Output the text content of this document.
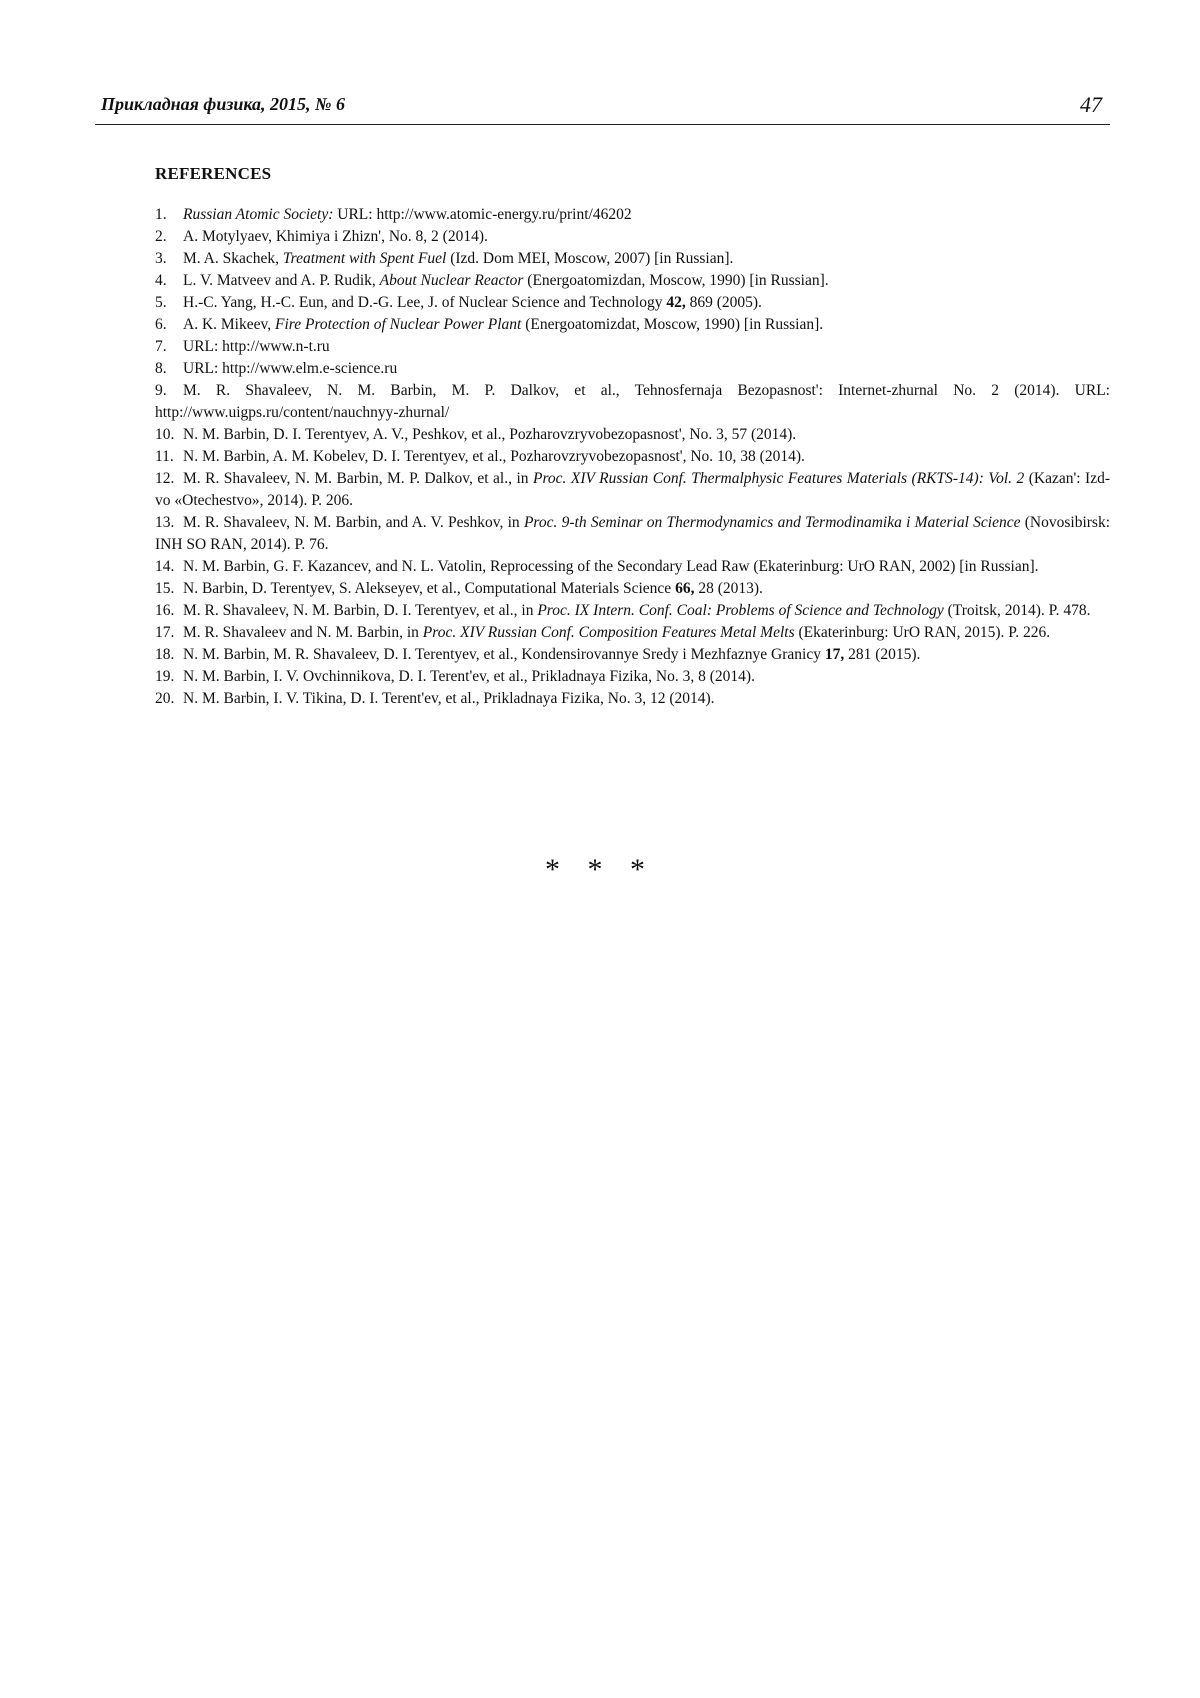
Прикладная физика, 2015, № 6	47
REFERENCES
1.Russian Atomic Society: URL: http://www.atomic-energy.ru/print/46202
2.A. Motylyaev, Khimiya i Zhizn', No. 8, 2 (2014).
3.M. A. Skachek, Treatment with Spent Fuel (Izd. Dom MEI, Moscow, 2007) [in Russian].
4.L. V. Matveev and A. P. Rudik, About Nuclear Reactor (Energoatomizdan, Moscow, 1990) [in Russian].
5.H.-C. Yang, H.-C. Eun, and D.-G. Lee, J. of Nuclear Science and Technology 42, 869 (2005).
6.A. K. Mikeev, Fire Protection of Nuclear Power Plant (Energoatomizdat, Moscow, 1990) [in Russian].
7.URL: http://www.n-t.ru
8.URL: http://www.elm.e-science.ru
9.M. R. Shavaleev, N. M. Barbin, M. P. Dalkov, et al., Tehnosfernaja Bezopasnost': Internet-zhurnal No. 2 (2014). URL: http://www.uigps.ru/content/nauchnyy-zhurnal/
10.N. M. Barbin, D. I. Terentyev, A. V., Peshkov, et al., Pozharovzryvobezopasnost', No. 3, 57 (2014).
11.N. M. Barbin, A. M. Kobelev, D. I. Terentyev, et al., Pozharovzryvobezopasnost', No. 10, 38 (2014).
12.M. R. Shavaleev, N. M. Barbin, M. P. Dalkov, et al., in Proc. XIV Russian Conf. Thermalphysic Features Materials (RKTS-14): Vol. 2 (Kazan': Izd-vo «Otechestvo», 2014). P. 206.
13.M. R. Shavaleev, N. M. Barbin, and A. V. Peshkov, in Proc. 9-th Seminar on Thermodynamics and Termodinamika i Material Science (Novosibirsk: INH SO RAN, 2014). P. 76.
14.N. M. Barbin, G. F. Kazancev, and N. L. Vatolin, Reprocessing of the Secondary Lead Raw (Ekaterinburg: UrO RAN, 2002) [in Russian].
15.N. Barbin, D. Terentyev, S. Alekseyev, et al., Computational Materials Science 66, 28 (2013).
16.M. R. Shavaleev, N. M. Barbin, D. I. Terentyev, et al., in Proc. IX Intern. Conf. Coal: Problems of Science and Technology (Troitsk, 2014). P. 478.
17.M. R. Shavaleev and N. M. Barbin, in Proc. XIV Russian Conf. Composition Features Metal Melts (Ekaterinburg: UrO RAN, 2015). P. 226.
18.N. M. Barbin, M. R. Shavaleev, D. I. Terentyev, et al., Kondensirovannye Sredy i Mezhfaznye Granicy 17, 281 (2015).
19.N. M. Barbin, I. V. Ovchinnikova, D. I. Terent'ev, et al., Prikladnaya Fizika, No. 3, 8 (2014).
20.N. M. Barbin, I. V. Tikina, D. I. Terent'ev, et al., Prikladnaya Fizika, No. 3, 12 (2014).
* * *
